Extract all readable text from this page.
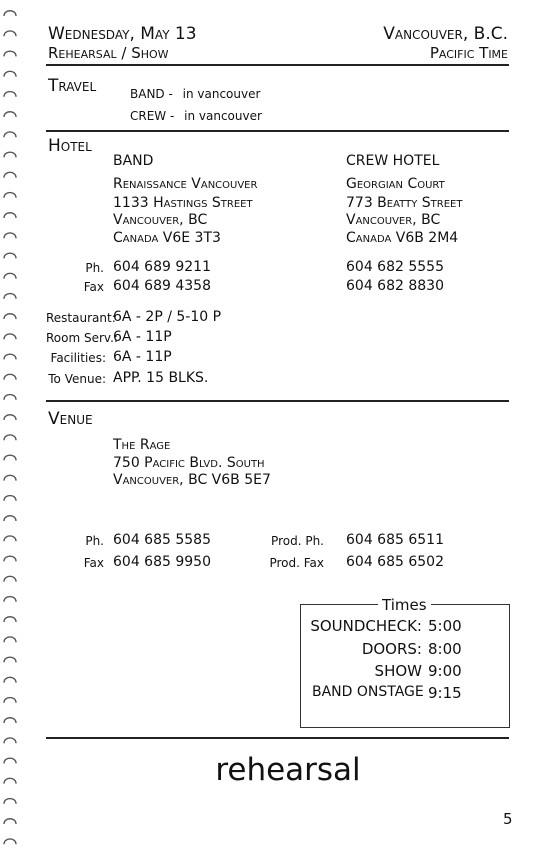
Wednesday, May 13
Rehearsal / Show
Vancouver, B.C.
Pacific Time
Travel	BAND - in vancouver
CREW - in vancouver
Hotel
BAND
Renaissance Vancouver
1133 Hastings Street
Vancouver, BC
Canada V6E 3T3
CREW HOTEL
Georgian Court
773 Beatty Street
Vancouver, BC
Canada V6B 2M4
Ph. 604 689 9211	604 682 5555
Fax 604 689 4358	604 682 8830
Restaurant:
6A - 2P / 5-10 P
Room Serv.:
6A - 11P
Facilities: 6A - 11P
To Venue: APP. 15 BLKS.
Venue
The Rage
750 Pacific Blvd. South
Vancouver, BC V6B 5E7
Ph. 604 685 5585
Fax 604 685 9950
Prod. Ph. 604 685 6511
Prod. Fax 604 685 6502
Times
SOUNDCHECK: 5:00
DOORS: 8:00
SHOW 9:00
BAND ONSTAGE 9:15
rehearsal
5
